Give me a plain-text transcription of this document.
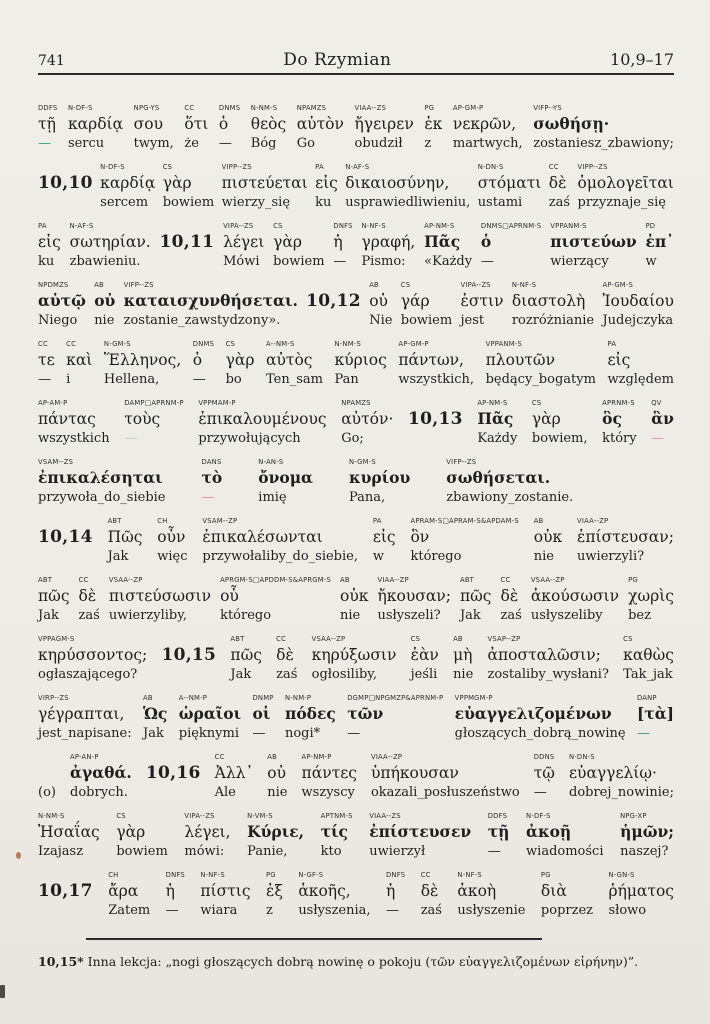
741	Do Rzymian	10,9–17
DDFS
τῇ
—
N-DF-S
καρδίᾳ
sercu
NPG-YS
σου
twym,
CC
ὅτι
że
DNMS
ὁ
—
N-NM-S
θεὸς
Bóg
NPAMZS
αὐτὸν
Go
VIAA--ZS
ἤγειρεν
obudził
PG
ἐκ
z
AP-GM-P
νεκρῶν,
martwych,
VIFP--YS
σωθήσῃ·
zostaniesz_zbawiony;

10,10

N-DF-S
καρδίᾳ
sercem
CS
γὰρ
bowiem
VIPP--ZS
πιστεύεται
wierzy_się
PA
εἰς
ku
N-AF-S
δικαιοσύνην,
usprawiedliwieniu,
N-DN-S
στόματι
ustami
CC
δὲ
zaś
VIPP--ZS
ὁμολογεῖται
przyznaje_się
PA
εἰς
ku
N-AF-S
σωτηρίαν.
zbawieniu.

10,11

VIPA--ZS
λέγει
Mówi
CS
γὰρ
bowiem
DNFS
ἡ
—
N-NF-S
γραφή,
Pismo:
AP-NM-S
Πᾶς
«Każdy
DNMS□APRNM-S
ὁ
—
VPPANM-S
πιστεύων
wierzący
PD
ἐπ᾽
w
NPDMZS
αὐτῷ
Niego
AB
οὐ
nie
VIFP--ZS
καταισχυνθήσεται.
zostanie_zawstydzony».

10,12

AB
οὐ
Nie
CS
γάρ
bowiem
VIPA--ZS
ἐστιν
jest
N-NF-S
διαστολὴ
rozróżnianie
AP-GM-S
Ἰουδαίου
Judejczyka
CC
τε
—
CC
καὶ
i
N-GM-S
Ἕλληνος,
Hellena,
DNMS
ὁ
—
CS
γὰρ
bo
A--NM-S
αὐτὸς
Ten_sam
N-NM-S
κύριος
Pan
AP-GM-P
πάντων,
wszystkich,
VPPANM-S
πλουτῶν
będący_bogatym
PA
εἰς
względem
AP-AM-P
πάντας
wszystkich
DAMP□APRNM-P
τοὺς
—
VPPMAM-P
ἐπικαλουμένους
przywołujących
NPAMZS
αὐτόν·
Go;

10,13

AP-NM-S
Πᾶς
Każdy
CS
γὰρ
bowiem,
APRNM-S
ὃς
który
QV
ἂν
—
VSAM--ZS
ἐπικαλέσηται
przywoła_do_siebie
DANS
τὸ
—
N-AN-S
ὄνομα
imię
N-GM-S
κυρίου
Pana,
VIFP--ZS
σωθήσεται.
zbawiony_zostanie.

10,14

ABT
Πῶς
Jak
CH
οὖν
więc
VSAM--ZP
ἐπικαλέσωνται
przywołaliby_do_siebie,
PA
εἰς
w
APRAM-S□APRAM-S&APDAM-S
ὃν
którego
AB
οὐκ
nie
VIAA--ZP
ἐπίστευσαν;
uwierzyli?
ABT
πῶς
Jak
CC
δὲ
zaś
VSAA--ZP
πιστεύσωσιν
uwierzyliby,
APRGM-S□APDDM-S&APRGM-S
οὗ
którego
AB
οὐκ
nie
VIAA--ZP
ἤκουσαν;
usłyszeli?
ABT
πῶς
Jak
CC
δὲ
zaś
VSAA--ZP
ἀκούσωσιν
usłyszeliby
PG
χωρὶς
bez
VPPAGM-S
κηρύσσοντος;
ogłaszającego?

10,15

ABT
πῶς
Jak
CC
δὲ
zaś
VSAA--ZP
κηρύξωσιν
ogłosiliby,
CS
ἐὰν
jeśli
AB
μὴ
nie
VSAP--ZP
ἀποσταλῶσιν;
zostaliby_wysłani?
CS
καθὼς
Tak_jak
VIRP--ZS
γέγραπται,
jest_napisane:
AB
Ὡς
Jak
A--NM-P
ὡραῖοι
pięknymi
DNMP
οἱ
—
N-NM-P
πόδες
nogi*
DGMP□NPGMZP&APRNM-P
τῶν
—
VPPMGM-P
εὐαγγελιζομένων
głoszących_dobrą_nowinę
DANP
[τὰ]
—

(o)
AP-AN-P
ἀγαθά.
dobrych.

10,16

CC
Ἀλλ᾽
Ale
AB
οὐ
nie
AP-NM-P
πάντες
wszyscy
VIAA--ZP
ὑπήκουσαν
okazali_posłuszeństwo
DDNS
τῷ
—
N-DN-S
εὐαγγελίῳ·
dobrej_nowinie;
N-NM-S
Ἠσαΐας
Izajasz
CS
γὰρ
bowiem
VIPA--ZS
λέγει,
mówi:
N-VM-S
Κύριε,
Panie,
APTNM-S
τίς
kto
VIAA--ZS
ἐπίστευσεν
uwierzył
DDFS
τῇ
—
N-DF-S
ἀκοῇ
wiadomości
NPG-XP
ἡμῶν;
naszej?

10,17

CH
ἄρα
Zatem
DNFS
ἡ
—
N-NF-S
πίστις
wiara
PG
ἐξ
z
N-GF-S
ἀκοῆς,
usłyszenia,
DNFS
ἡ
—
CC
δὲ
zaś
N-NF-S
ἀκοὴ
usłyszenie
PG
διὰ
poprzez
N-GN-S
ῥήματος
słowo
10,15* Inna lekcja: „nogi głoszących dobrą nowinę o pokoju (τῶν εὐαγγελιζομένων εἰρήνην)”.
